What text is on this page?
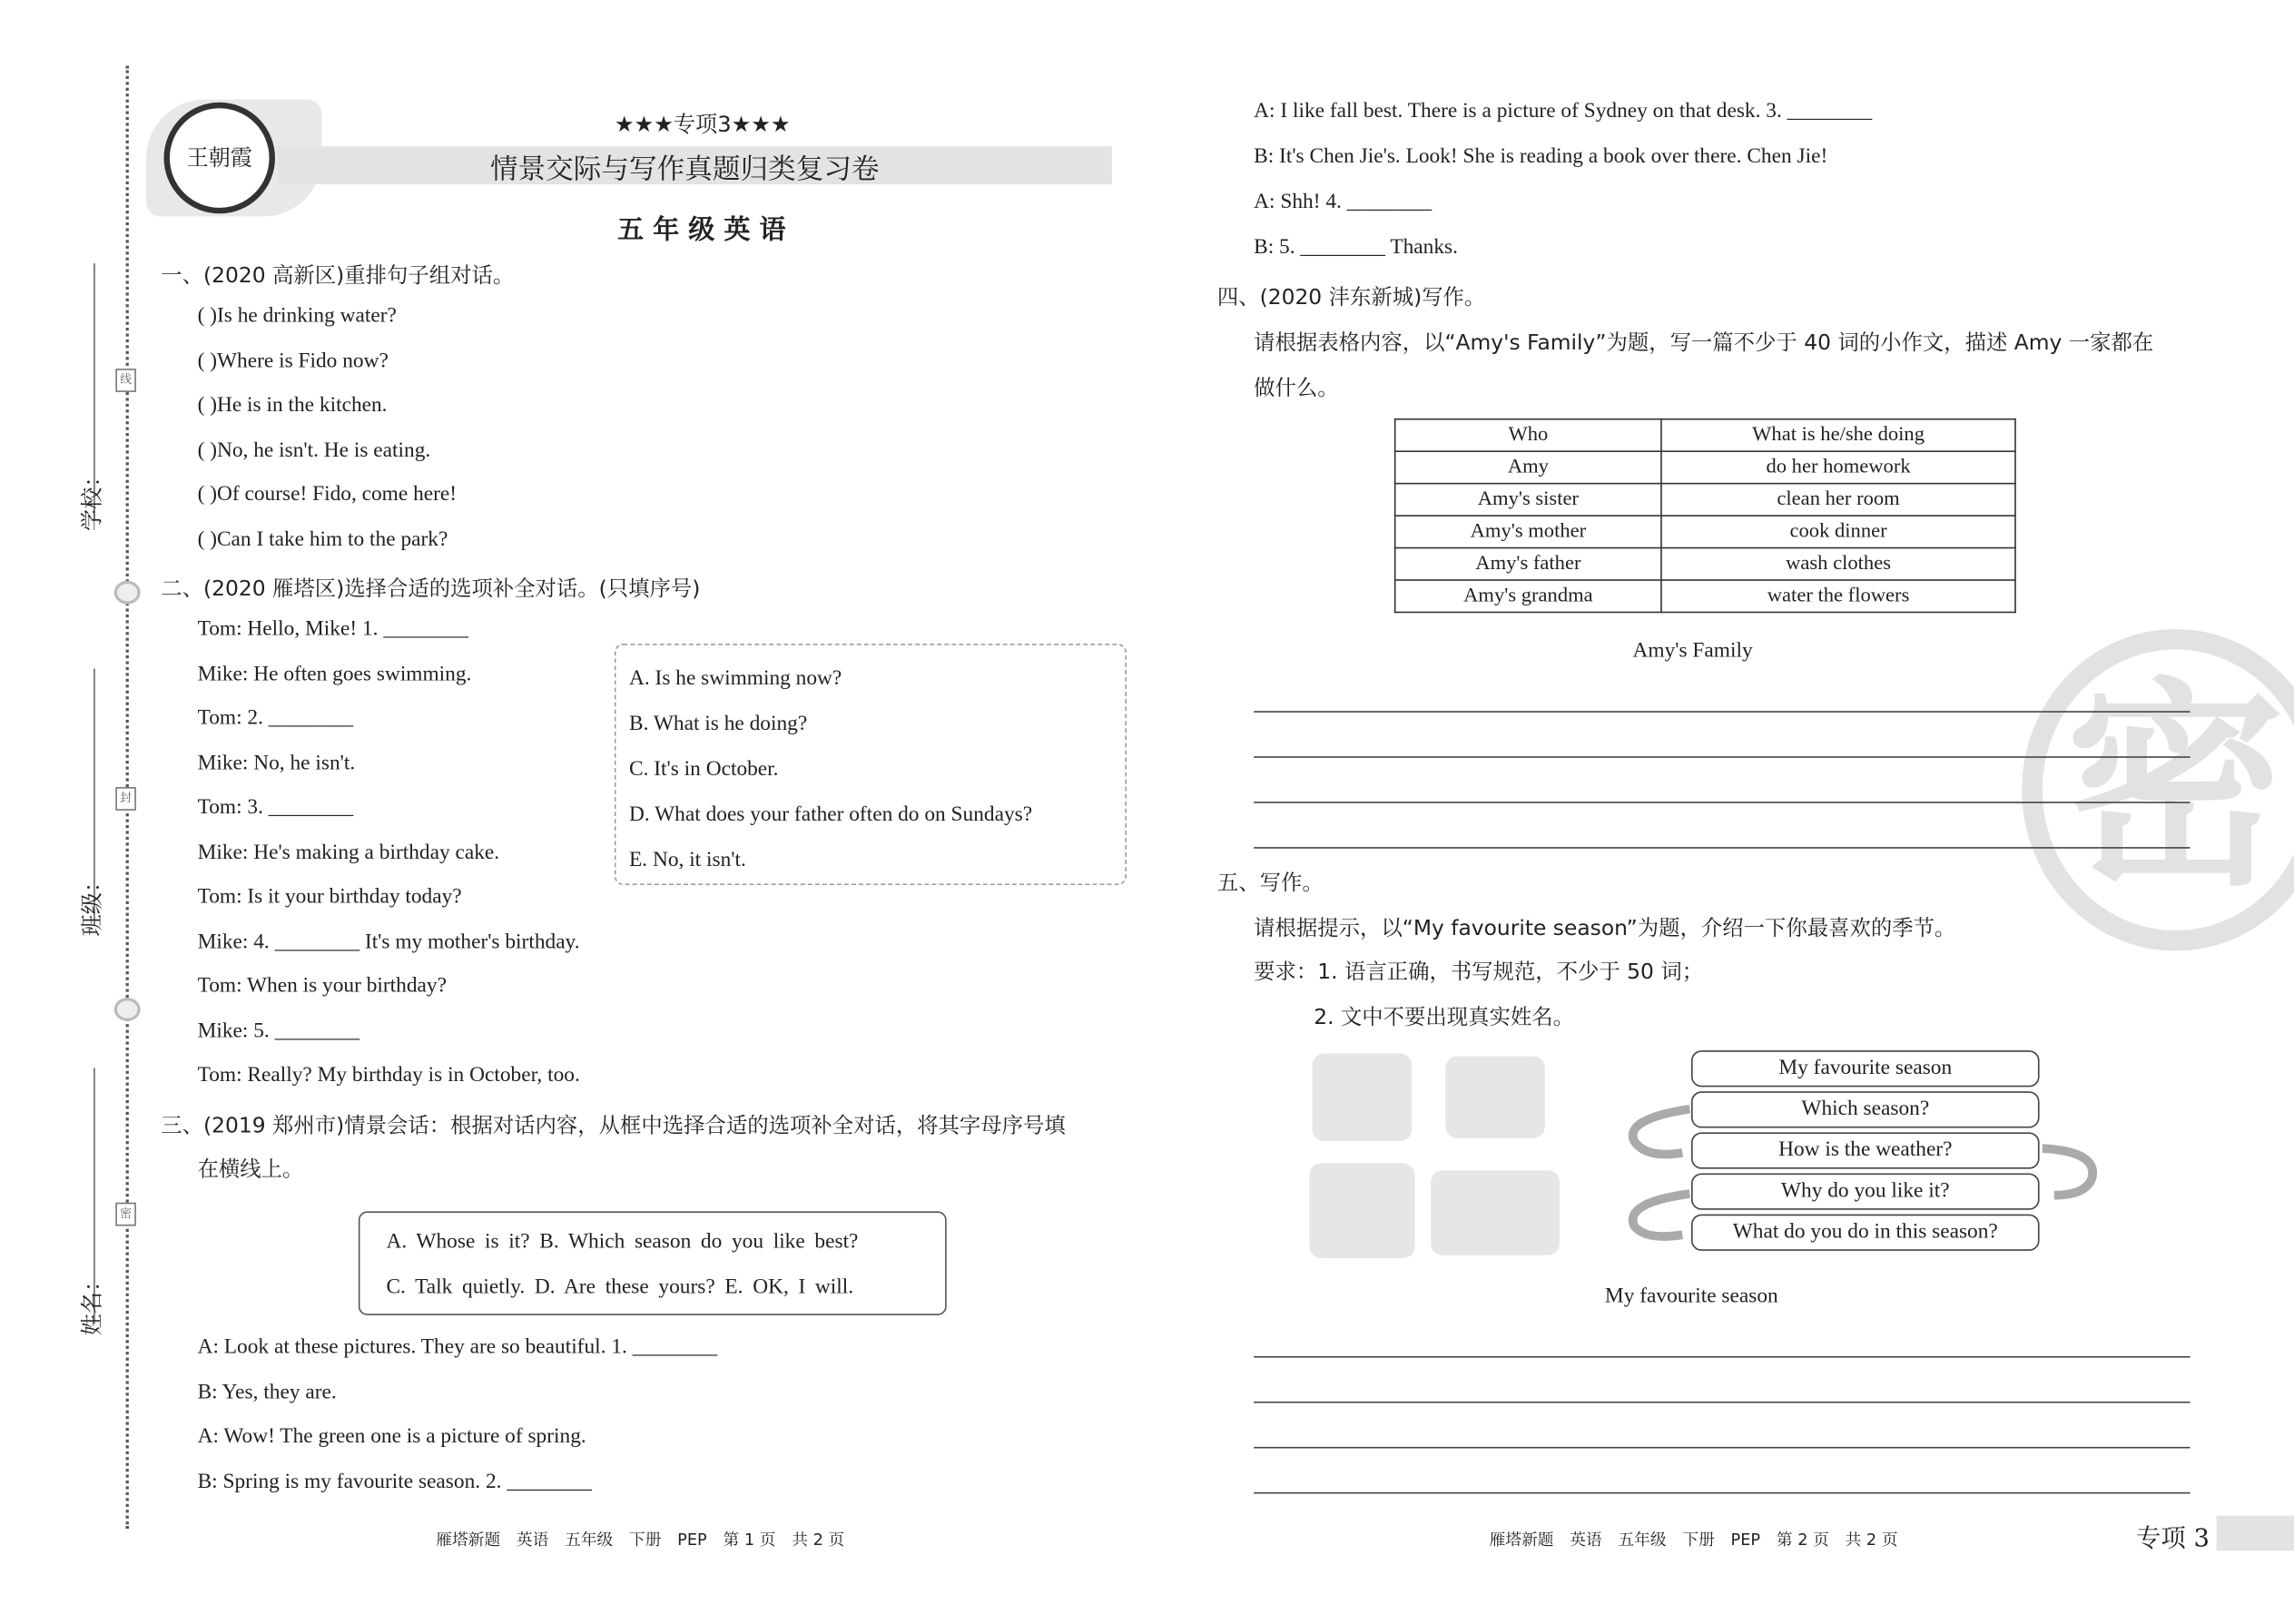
学校：
班级：
姓名：
线
封
密
王朝霞
★★★专项3★★★
情景交际与写作真题归类复习卷
五 年 级 英 语
一、(2020 高新区)重排句子组对话。
( )Is he drinking water?
( )Where is Fido now?
( )He is in the kitchen.
( )No, he isn't. He is eating.
( )Of course! Fido, come here!
( )Can I take him to the park?
二、(2020 雁塔区)选择合适的选项补全对话。(只填序号)
Tom: Hello, Mike! 1. ________
Mike: He often goes swimming.
Tom: 2. ________
Mike: No, he isn't.
Tom: 3. ________
Mike: He's making a birthday cake.
Tom: Is it your birthday today?
Mike: 4. ________ It's my mother's birthday.
Tom: When is your birthday?
Mike: 5. ________
Tom: Really? My birthday is in October, too.
A. Is he swimming now?
B. What is he doing?
C. It's in October.
D. What does your father often do on Sundays?
E. No, it isn't.
三、(2019 郑州市)情景会话：根据对话内容，从框中选择合适的选项补全对话，将其字母序号填
在横线上。
A. Whose is it? B. Which season do you like best?
C. Talk quietly. D. Are these yours? E. OK, I will.
A: Look at these pictures. They are so beautiful. 1. ________
B: Yes, they are.
A: Wow! The green one is a picture of spring.
B: Spring is my favourite season. 2. ________
A: I like fall best. There is a picture of Sydney on that desk. 3. ________
B: It's Chen Jie's. Look! She is reading a book over there. Chen Jie!
A: Shh! 4. ________
B: 5. ________ Thanks.
雁塔新题　英语　五年级　下册　PEP　第 1 页　共 2 页	雁塔新题　英语　五年级　下册　PEP　第 2 页　共 2 页	专项 3
密
四、(2020 沣东新城)写作。
请根据表格内容，以“Amy's Family”为题，写一篇不少于 40 词的小作文，描述 Amy 一家都在
做什么。
Who	What is he/she doing
Amy	do her homework
Amy's sister	clean her room
Amy's mother	cook dinner
Amy's father	wash clothes
Amy's grandma	water the flowers
Amy's Family
五、写作。
请根据提示，以“My favourite season”为题，介绍一下你最喜欢的季节。
要求：1. 语言正确，书写规范，不少于 50 词；
2. 文中不要出现真实姓名。
My favourite season
Which season?
How is the weather?
Why do you like it?
What do you do in this season?
My favourite season
